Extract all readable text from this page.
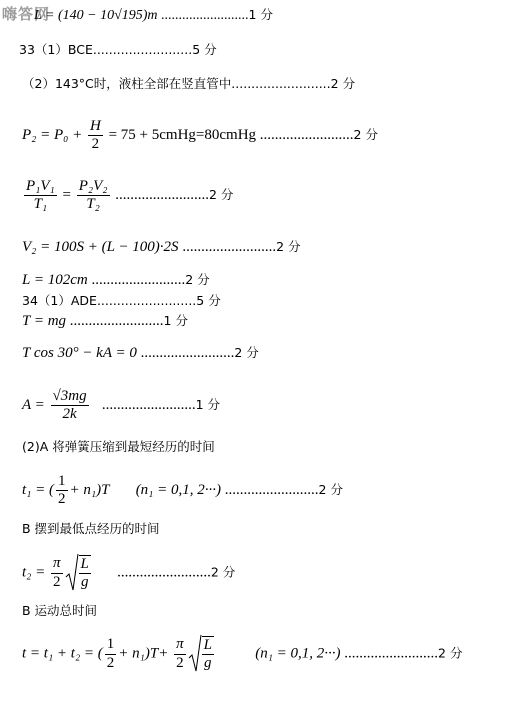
嗨答网
L = (140 − 10√195)m .........................1 分
33（1）BCE.........................5 分
（2）143°C时，液柱全部在竖直管中.........................2 分
$P_2 = P_0 + \frac{H}{2} = 75$ + 5cmHg=80cmHg .........................2 分
$\frac{\text{P₁V₁}}{\text{T₁}} = \frac{\text{P₂V₂}}{\text{T₂}} .........................2$ 分
V₂ = 100S + (L − 100)·2S .........................2 分
L = 102cm .........................2 分
34（1）ADE.........................5 分
T = mg .........................1 分
T cos 30° − kA = 0 .........................2 分
$A = \frac{√3mg}{2k} .........................1$ 分
(2)A 将弹簧压缩到最短经历的时间
t₁ = ( $\frac{1}{2} + n_1)T$ (n₁ = 0,1, 2···) .........................2 分
B 摆到最低点经历的时间
$t_2 = \frac{\pi}{2} \frac{L}{g} .........................2$ 分
B 运动总时间
t = t₁ + t₂ = ( $\frac{1}{2} + n_1)T+ \frac{\pi}{2} \frac{L}{g}$	(n₁ = 0,1, 2···) .........................2 分
